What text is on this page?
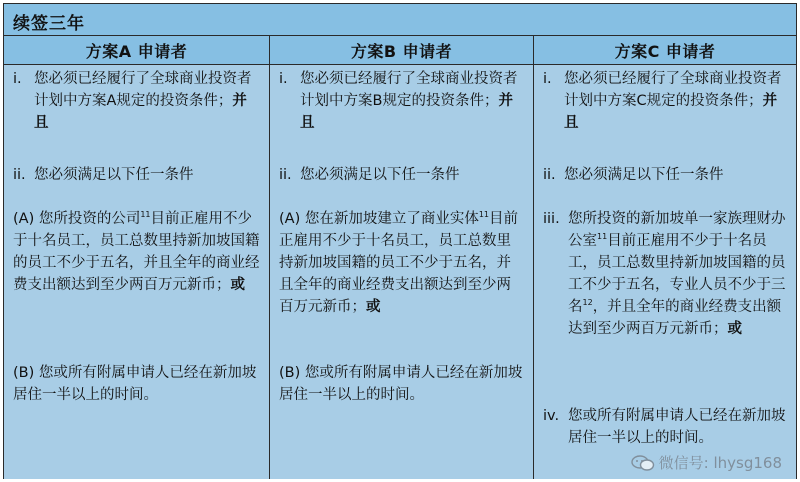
续签三年
方案A 申请者	方案B 申请者	方案C 申请者
i. 您必须已经履行了全球商业投资者计划中方案A规定的投资条件；并且
ii. 您必须满足以下任一条件
(A) 您所投资的公司$^{11}$目前正雇用不少于十名员工，员工总数里持新加坡国籍的员工不少于五名，并且全年的商业经费支出额达到至少两百万元新币；或
(B) 您或所有附属申请人已经在新加坡居住一半以上的时间。
i. 您必须已经履行了全球商业投资者计划中方案B规定的投资条件；并且
ii. 您必须满足以下任一条件
(A) 您在新加坡建立了商业实体$^{11}$目前正雇用不少于十名员工，员工总数里持新加坡国籍的员工不少于五名，并且全年的商业经费支出额达到至少两百万元新币；或
(B) 您或所有附属申请人已经在新加坡居住一半以上的时间。
i. 您必须已经履行了全球商业投资者计划中方案C规定的投资条件；并且
ii. 您必须满足以下任一条件
iii. 您所投资的新加坡单一家族理财办公室$^{11}$目前正雇用不少于十名员工，员工总数里持新加坡国籍的员工不少于五名，专业人员不少于三名$^{12}$，并且全年的商业经费支出额达到至少两百万元新币；或
iv. 您或所有附属申请人已经在新加坡居住一半以上的时间。
微信号: lhysg168
